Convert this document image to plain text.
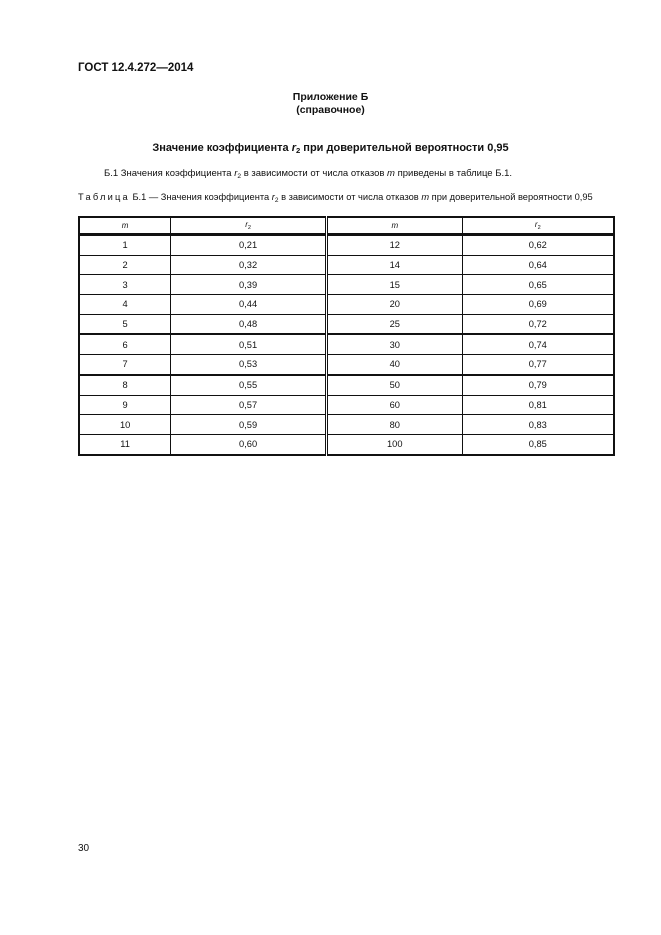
ГОСТ 12.4.272—2014
Приложение Б
(справочное)
Значение коэффициента $r_2$ при доверительной вероятности 0,95
Б.1 Значения коэффициента $r_2$ в зависимости от числа отказов m приведены в таблице Б.1.
Таблица Б.1 — Значения коэффициента $r_2$ в зависимости от числа отказов m при доверительной вероятности 0,95
m	$r_2$	m	$r_2$
1	0,21	12	0,62
2	0,32	14	0,64
3	0,39	15	0,65
4	0,44	20	0,69
5	0,48	25	0,72
6	0,51	30	0,74
7	0,53	40	0,77
8	0,55	50	0,79
9	0,57	60	0,81
10	0,59	80	0,83
11	0,60	100	0,85
30
